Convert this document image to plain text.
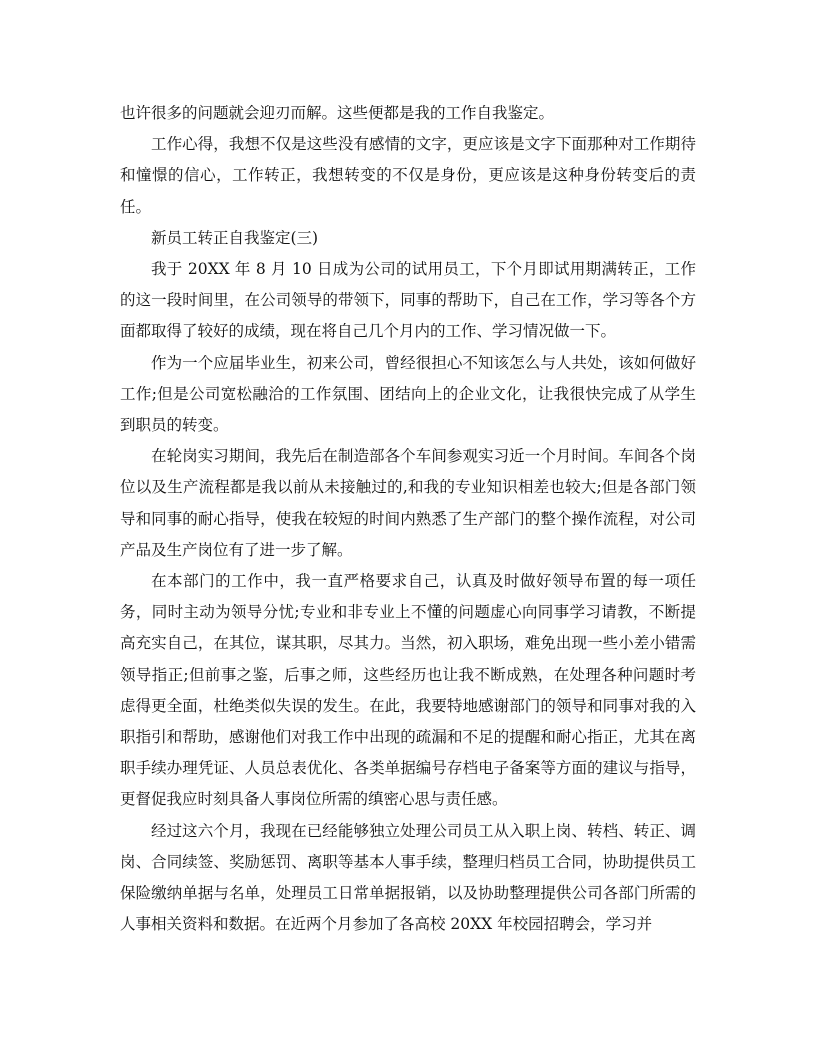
也许很多的问题就会迎刃而解。这些便都是我的工作自我鉴定。

工作心得，我想不仅是这些没有感情的文字，更应该是文字下面那种对工作期待和憧憬的信心，工作转正，我想转变的不仅是身份，更应该是这种身份转变后的责任。

新员工转正自我鉴定(三)

我于 20XX 年 8 月 10 日成为公司的试用员工，下个月即试用期满转正，工作的这一段时间里，在公司领导的带领下，同事的帮助下，自己在工作，学习等各个方面都取得了较好的成绩，现在将自己几个月内的工作、学习情况做一下。

作为一个应届毕业生，初来公司，曾经很担心不知该怎么与人共处，该如何做好工作;但是公司宽松融洽的工作氛围、团结向上的企业文化，让我很快完成了从学生到职员的转变。

在轮岗实习期间，我先后在制造部各个车间参观实习近一个月时间。车间各个岗位以及生产流程都是我以前从未接触过的,和我的专业知识相差也较大;但是各部门领导和同事的耐心指导，使我在较短的时间内熟悉了生产部门的整个操作流程，对公司产品及生产岗位有了进一步了解。

在本部门的工作中，我一直严格要求自己，认真及时做好领导布置的每一项任务，同时主动为领导分忧;专业和非专业上不懂的问题虚心向同事学习请教，不断提高充实自己，在其位，谋其职，尽其力。当然，初入职场，难免出现一些小差小错需领导指正;但前事之鉴，后事之师，这些经历也让我不断成熟，在处理各种问题时考虑得更全面，杜绝类似失误的发生。在此，我要特地感谢部门的领导和同事对我的入职指引和帮助，感谢他们对我工作中出现的疏漏和不足的提醒和耐心指正，尤其在离职手续办理凭证、人员总表优化、各类单据编号存档电子备案等方面的建议与指导，更督促我应时刻具备人事岗位所需的缜密心思与责任感。

经过这六个月，我现在已经能够独立处理公司员工从入职上岗、转档、转正、调岗、合同续签、奖励惩罚、离职等基本人事手续，整理归档员工合同，协助提供员工保险缴纳单据与名单，处理员工日常单据报销，以及协助整理提供公司各部门所需的人事相关资料和数据。在近两个月参加了各高校 20XX 年校园招聘会，学习并
